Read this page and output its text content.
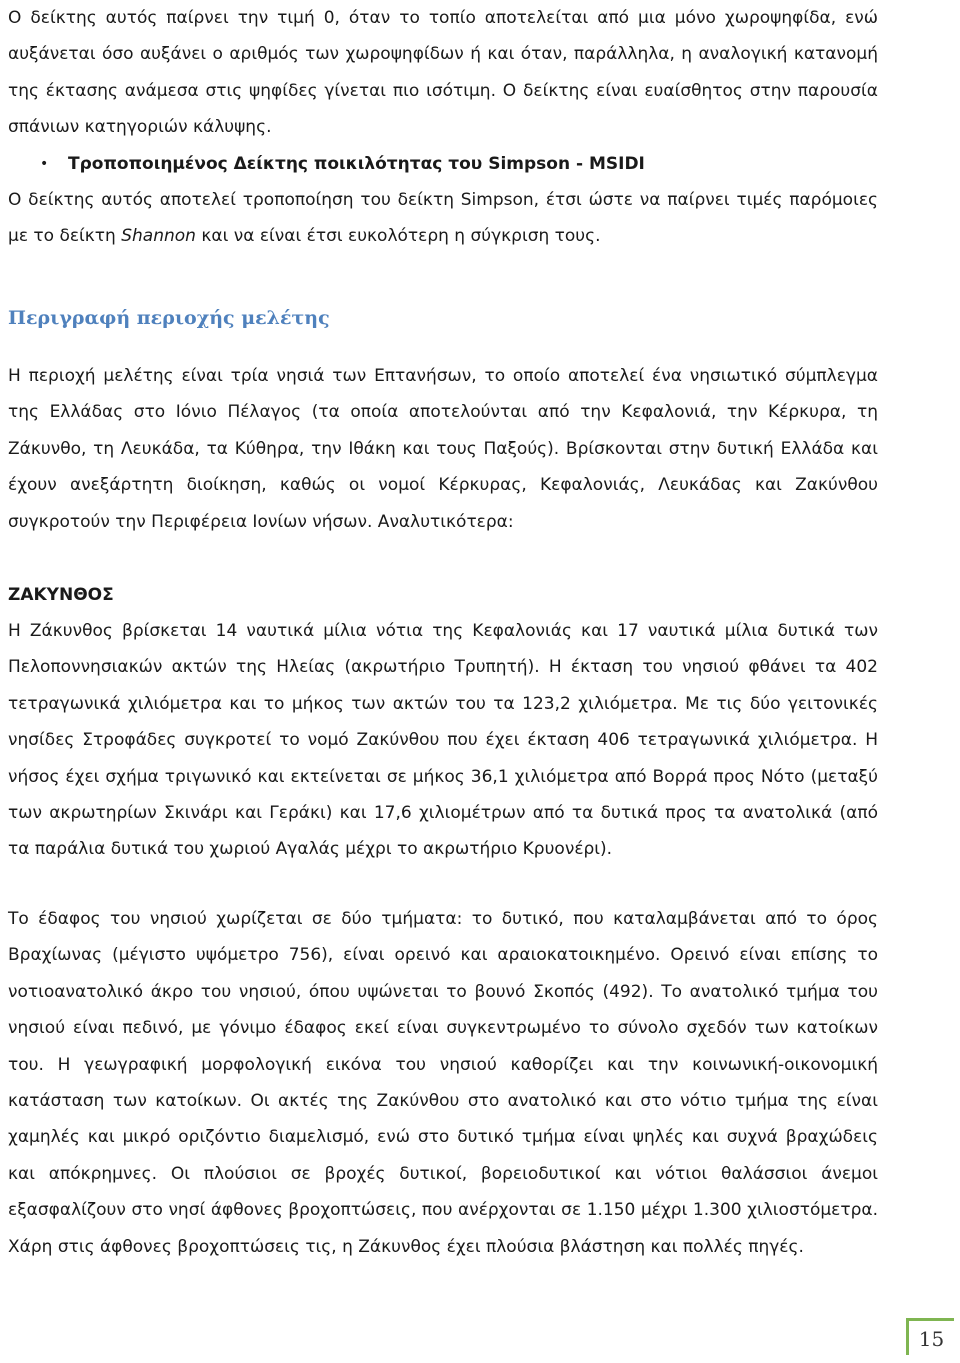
Ο δείκτης αυτός παίρνει την τιμή 0, όταν το τοπίο αποτελείται από μια μόνο χωροψηφίδα, ενώ αυξάνεται όσο αυξάνει ο αριθμός των χωροψηφίδων ή και όταν, παράλληλα, η αναλογική κατανομή της έκτασης ανάμεσα στις ψηφίδες γίνεται πιο ισότιμη. Ο δείκτης είναι ευαίσθητος στην παρουσία σπάνιων κατηγοριών κάλυψης.

•	Τροποποιημένος Δείκτης ποικιλότητας του Simpson - MSIDI

Ο δείκτης αυτός αποτελεί τροποποίηση του δείκτη Simpson, έτσι ώστε να παίρνει τιμές παρόμοιες με το δείκτη Shannon και να είναι έτσι ευκολότερη η σύγκριση τους.

Περιγραφή περιοχής μελέτης

Η περιοχή μελέτης είναι τρία νησιά των Επτανήσων, το οποίο αποτελεί ένα νησιωτικό σύμπλεγμα της Ελλάδας στο Ιόνιο Πέλαγος (τα οποία αποτελούνται από την Κεφαλονιά, την Κέρκυρα, τη Ζάκυνθο, τη Λευκάδα, τα Κύθηρα, την Ιθάκη και τους Παξούς). Βρίσκονται στην δυτική Ελλάδα και έχουν ανεξάρτητη διοίκηση, καθώς οι νομοί Κέρκυρας, Κεφαλονιάς, Λευκάδας και Ζακύνθου συγκροτούν την Περιφέρεια Ιονίων νήσων. Αναλυτικότερα:

ΖΑΚΥΝΘΟΣ

Η Ζάκυνθος βρίσκεται 14 ναυτικά μίλια νότια της Κεφαλονιάς και 17 ναυτικά μίλια δυτικά των Πελοποννησιακών ακτών της Ηλείας (ακρωτήριο Τρυπητή). Η έκταση του νησιού φθάνει τα 402 τετραγωνικά χιλιόμετρα και το μήκος των ακτών του τα 123,2 χιλιόμετρα. Με τις δύο γειτονικές νησίδες Στροφάδες συγκροτεί το νομό Ζακύνθου που έχει έκταση 406 τετραγωνικά χιλιόμετρα. Η νήσος έχει σχήμα τριγωνικό και εκτείνεται σε μήκος 36,1 χιλιόμετρα από Βορρά προς Νότο (μεταξύ των ακρωτηρίων Σκινάρι και Γεράκι) και 17,6 χιλιομέτρων από τα δυτικά προς τα ανατολικά (από τα παράλια δυτικά του χωριού Αγαλάς μέχρι το ακρωτήριο Κρυονέρι).

Το έδαφος του νησιού χωρίζεται σε δύο τμήματα: το δυτικό, που καταλαμβάνεται από το όρος Βραχίωνας (μέγιστο υψόμετρο 756), είναι ορεινό και αραιοκατοικημένο. Ορεινό είναι επίσης το νοτιοανατολικό άκρο του νησιού, όπου υψώνεται το βουνό Σκοπός (492). Το ανατολικό τμήμα του νησιού είναι πεδινό, με γόνιμο έδαφος εκεί είναι συγκεντρωμένο το σύνολο σχεδόν των κατοίκων του. Η γεωγραφική μορφολογική εικόνα του νησιού καθορίζει και την κοινωνική-οικονομική κατάσταση των κατοίκων. Οι ακτές της Ζακύνθου στο ανατολικό και στο νότιο τμήμα της είναι χαμηλές και μικρό οριζόντιο διαμελισμό, ενώ στο δυτικό τμήμα είναι ψηλές και συχνά βραχώδεις και απόκρημνες. Οι πλούσιοι σε βροχές δυτικοί, βορειοδυτικοί και νότιοι θαλάσσιοι άνεμοι εξασφαλίζουν στο νησί άφθονες βροχοπτώσεις, που ανέρχονται σε 1.150 μέχρι 1.300 χιλιοστόμετρα. Χάρη στις άφθονες βροχοπτώσεις τις, η Ζάκυνθος έχει πλούσια βλάστηση και πολλές πηγές.

15
